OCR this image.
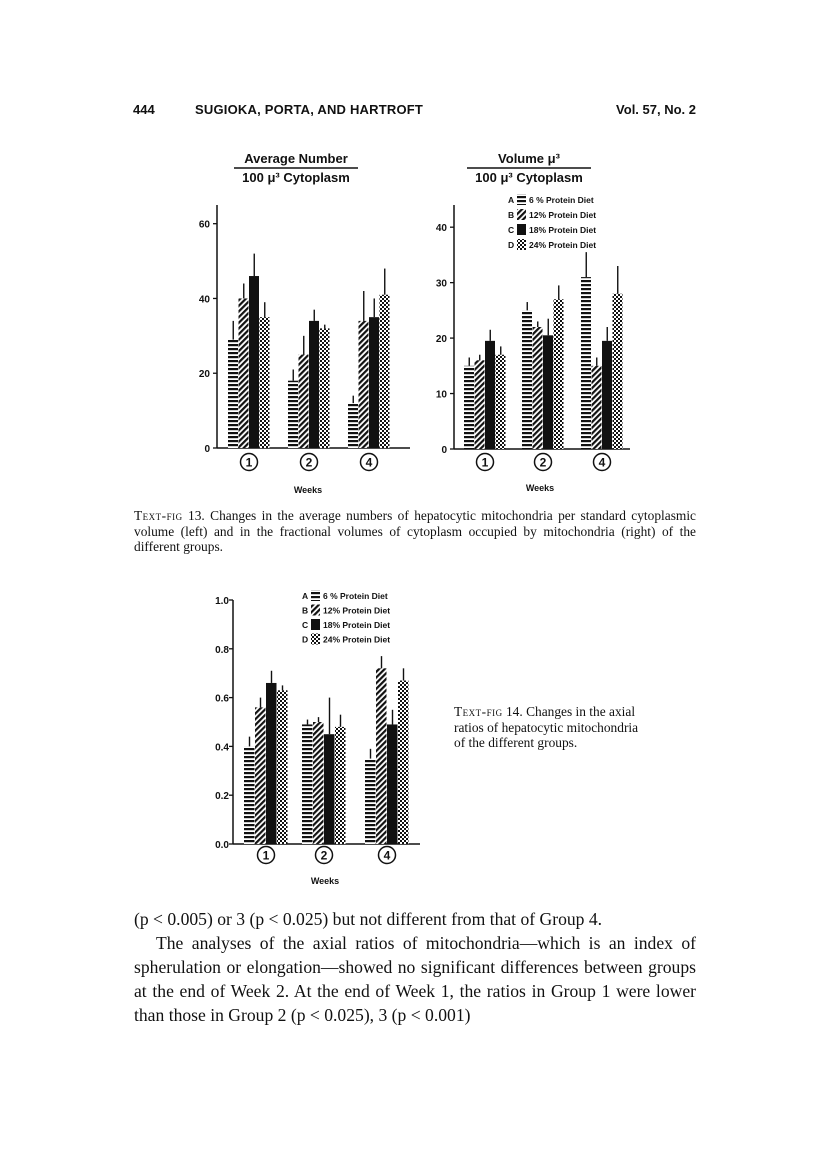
444	SUGIOKA, PORTA, AND HARTROFT	Vol. 57, No. 2
0
20
40
60
1	2	4
Weeks
Average Number
100 μ³ Cytoplasm
0
10
20
30
40
1	2	4
Weeks
Volume μ³
100 μ³ Cytoplasm
0.0
0.2
0.4
0.6
0.8
1.0
1	2	4
Weeks
A 6 % Protein Diet
B 12% Protein Diet
C 18% Protein Diet
D 24% Protein Diet
A 6 % Protein Diet
B 12% Protein Diet
C 18% Protein Diet
D 24% Protein Diet
Text-fig 13. Changes in the average numbers of hepatocytic mitochondria per standard cytoplasmic volume (left) and in the fractional volumes of cytoplasm occupied by mitochondria (right) of the different groups.
Text-fig 14. Changes in the axial ratios of hepatocytic mitochondria of the different groups.

(p < 0.005) or 3 (p < 0.025) but not different from that of Group 4.

The analyses of the axial ratios of mitochondria—which is an index of spherulation or elongation—showed no significant differences between groups at the end of Week 2. At the end of Week 1, the ratios in Group 1 were lower than those in Group 2 (p < 0.025), 3 (p < 0.001)
